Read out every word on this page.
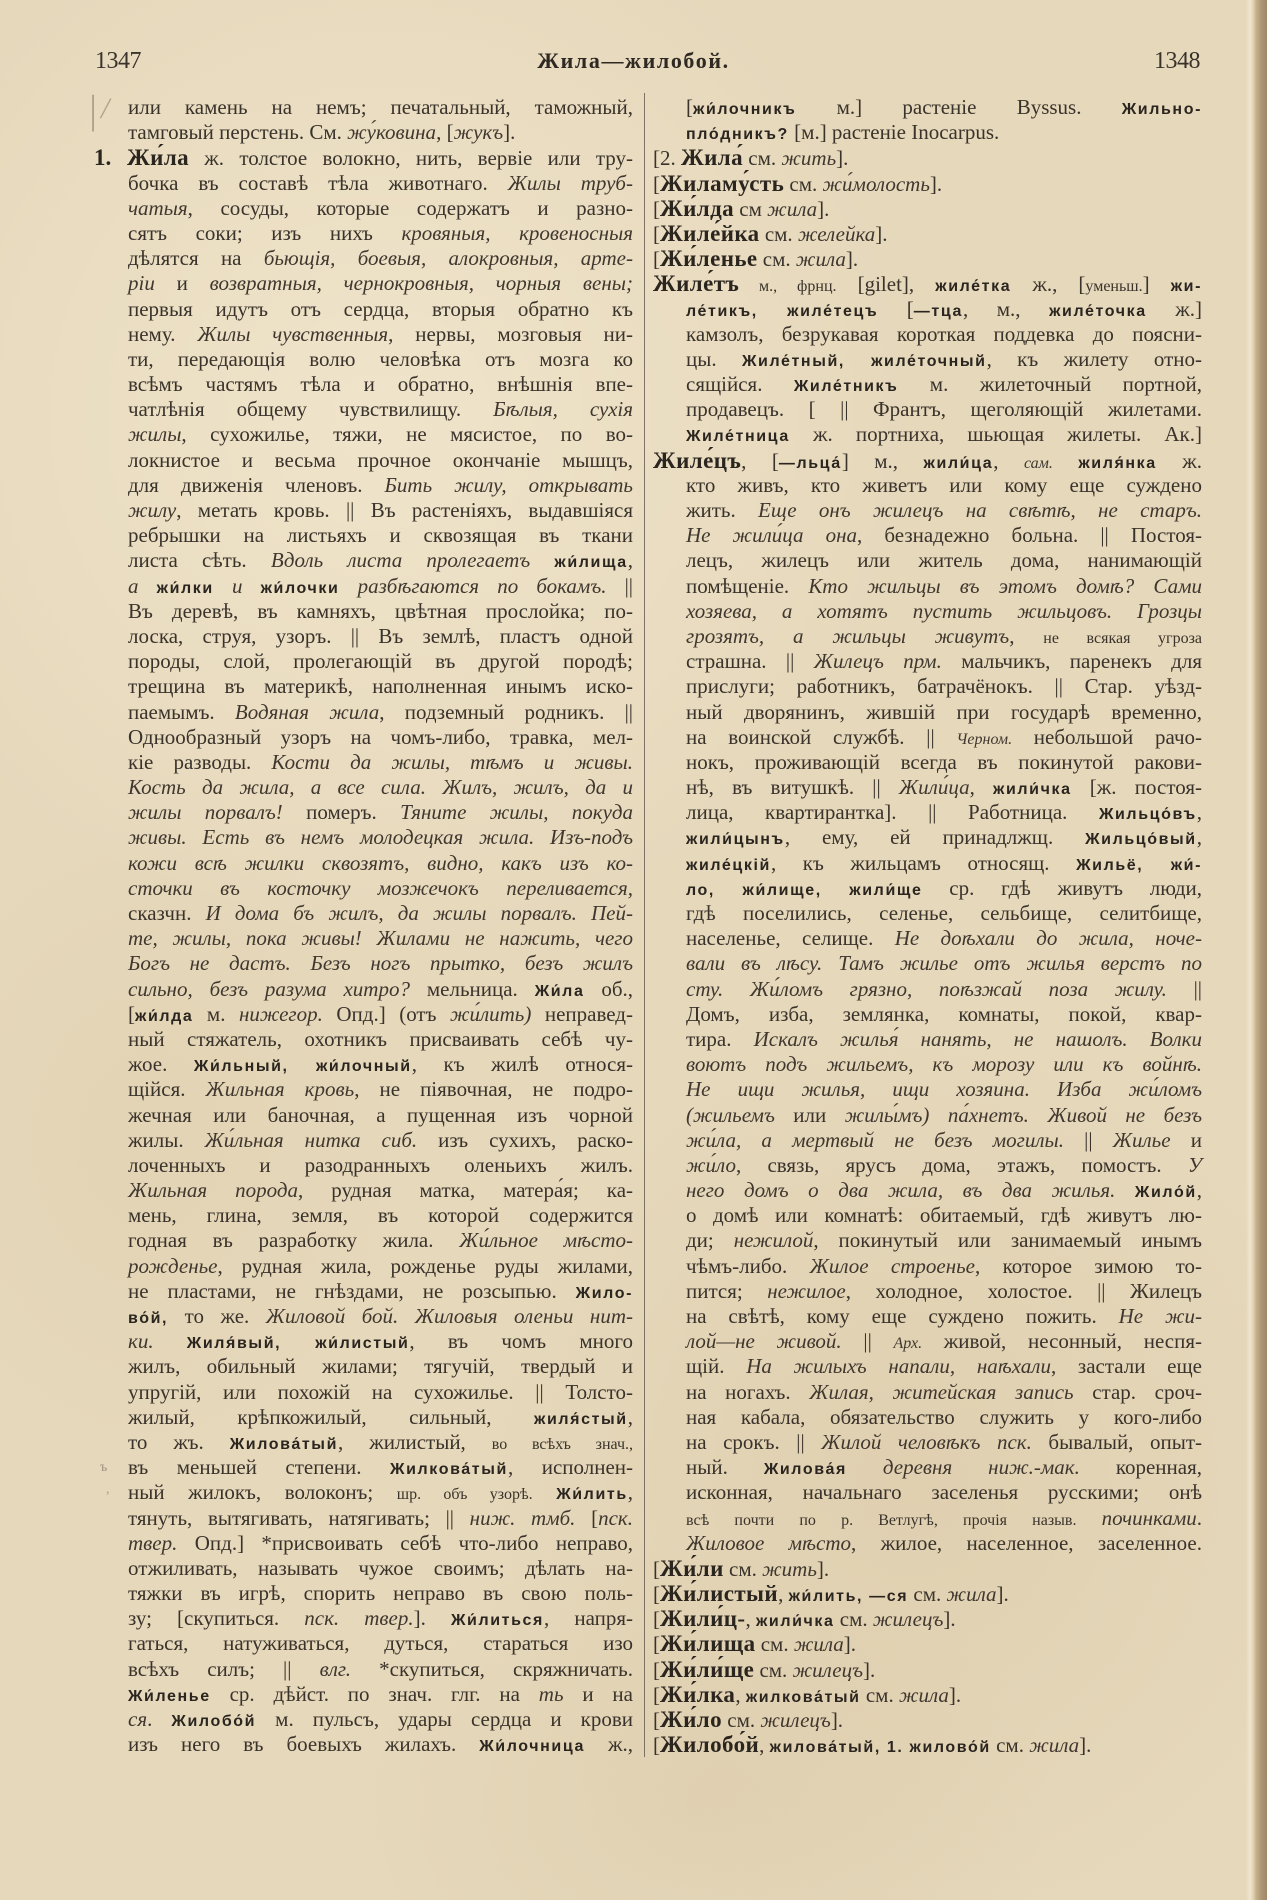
1347	Жила—жилобой.	1348
| /
ъ
,
или камень на немъ; печатальный, таможный,
тамговый перстень. См. жу́ковина, [жукъ].
1. Жи́ла ж. толстое волокно, нить, вервіе или тру-
бочка въ составѣ тѣла животнаго. Жилы труб-
чатыя, сосуды, которые содержатъ и разно-
сятъ соки; изъ нихъ кровяныя, кровеносныя
дѣлятся на бьющія, боевыя, алокровныя, арте-
ріи и возвратныя, чернокровныя, чорныя вены;
первыя идутъ отъ сердца, вторыя обратно къ
нему. Жилы чувственныя, нервы, мозговыя ни-
ти, передающія волю человѣка отъ мозга ко
всѣмъ частямъ тѣла и обратно, внѣшнія впе-
чатлѣнія общему чувствилищу. Бѣлыя, сухія
жилы, сухожилье, тяжи, не мясистое, по во-
локнистое и весьма прочное окончаніе мышцъ,
для движенія членовъ. Бить жилу, открывать
жилу, метать кровь. || Въ растеніяхъ, выдавшіяся
ребрышки на листьяхъ и сквозящая въ ткани
листа сѣть. Вдоль листа пролегаетъ жи́лища,
а жи́лки и жи́лочки разбѣгаются по бокамъ. ||
Въ деревѣ, въ камняхъ, цвѣтная прослойка; по-
лоска, струя, узоръ. || Въ землѣ, пластъ одной
породы, слой, пролегающій въ другой породѣ;
трещина въ материкѣ, наполненная инымъ иско-
паемымъ. Водяная жила, подземный родникъ. ||
Однообразный узоръ на чомъ-либо, травка, мел-
кіе разводы. Кости да жилы, тѣмъ и живы.
Кость да жила, а все сила. Жилъ, жилъ, да и
жилы порвалъ! померъ. Тяните жилы, покуда
живы. Есть въ немъ молодецкая жила. Изъ-подъ
кожи всѣ жилки сквозятъ, видно, какъ изъ ко-
сточки въ косточку мозжечокъ переливается,
сказчн. И дома бъ жилъ, да жилы порвалъ. Пей-
те, жилы, пока живы! Жилами не нажить, чего
Богъ не дастъ. Безъ ногъ прытко, безъ жилъ
сильно, безъ разума хитро? мельница. Жи́ла об.,
[жи́лда м. нижегор. Опд.] (отъ жи́лить) неправед-
ный стяжатель, охотникъ присваивать себѣ чу-
жое. Жи́льный, жи́лочный, къ жилѣ относя-
щійся. Жильная кровь, не піявочная, не подро-
жечная или баночная, а пущенная изъ чорной
жилы. Жи́льная нитка сиб. изъ сухихъ, раско-
лоченныхъ и разодранныхъ оленьихъ жилъ.
Жильная порода, рудная матка, матера́я; ка-
мень, глина, земля, въ которой содержится
годная въ разработку жила. Жи́льное мѣсто-
рожденье, рудная жила, рожденье руды жилами,
не пластами, не гнѣздами, не розсыпью. Жило-
во́й, то же. Жиловой бой. Жиловыя оленьи нит-
ки. Жиля́вый, жи́листый, въ чомъ много
жилъ, обильный жилами; тягучій, твердый и
упругій, или похожій на сухожилье. || Толсто-
жилый, крѣпкожилый, сильный, жиля́стый,
то жъ. Жилова́тый, жилистый, во всѣхъ знач.,
въ меньшей степени. Жилкова́тый, исполнен-
ный жилокъ, волоконъ; шр. объ узорѣ. Жи́лить,
тянуть, вытягивать, натягивать; || ниж. тмб. [пск.
твер. Опд.] *присвоивать себѣ что-либо неправо,
отжиливать, называть чужое своимъ; дѣлать на-
тяжки въ игрѣ, спорить неправо въ свою поль-
зу; [скупиться. пск. твер.]. Жи́литься, напря-
гаться, натуживаться, дуться, стараться изо
всѣхъ силъ; || влг. *скупиться, скряжничать.
Жи́ленье ср. дѣйст. по знач. глг. на ть и на
ся. Жилобо́й м. пульсъ, удары сердца и крови
изъ него въ боевыхъ жилахъ. Жи́лочница ж.,
[жи́лочникъ м.] растеніе Byssus. Жильно-
пло́дникъ? [м.] растеніе Inocarpus.
[2. Жила́ см. жить].
[Жиламу́сть см. жи́молость].
[Жи́лда см жила].
[Жиле́йка см. желейка].
[Жи́ленье см. жила].
Жиле́тъ м., фрнц. [gilet], жиле́тка ж., [уменьш.] жи-
ле́тикъ, жиле́тецъ [—тца, м., жиле́точка ж.]
камзолъ, безрукавая короткая поддевка до поясни-
цы. Жиле́тный, жиле́точный, къ жилету отно-
сящійся. Жиле́тникъ м. жилеточный портной,
продавецъ. [ || Франтъ, щеголяющій жилетами.
Жиле́тница ж. портниха, шьющая жилеты. Ак.]
Жиле́цъ, [—льца́] м., жили́ца, сам. жиля́нка ж.
кто живъ, кто живетъ или кому еще суждено
жить. Еще онъ жилецъ на свѣтѣ, не старъ.
Не жили́ца она, безнадежно больна. || Постоя-
лецъ, жилецъ или житель дома, нанимающій
помѣщеніе. Кто жильцы въ этомъ домѣ? Сами
хозяева, а хотятъ пустить жильцовъ. Грозцы
грозятъ, а жильцы живутъ, не всякая угроза
страшна. || Жилецъ прм. мальчикъ, паренекъ для
прислуги; работникъ, батрачёнокъ. || Стар. уѣзд-
ный дворянинъ, жившій при государѣ временно,
на воинской службѣ. || Черном. небольшой рачо-
нокъ, проживающій всегда въ покинутой ракови-
нѣ, въ витушкѣ. || Жили́ца, жили́чка [ж. постоя-
лица, квартирантка]. || Работница. Жильцо́въ,
жили́цынъ, ему, ей принадлжщ. Жильцо́вый,
жиле́цкій, къ жильцамъ относящ. Жильё, жи́-
ло, жи́лище, жили́ще ср. гдѣ живутъ люди,
гдѣ поселились, селенье, сельбище, селитбище,
населенье, селище. Не доѣхали до жила, ноче-
вали въ лѣсу. Тамъ жилье отъ жилья верстъ по
сту. Жи́ломъ грязно, поѣзжай поза жилу. ||
Домъ, изба, землянка, комнаты, покой, квар-
тира. Искалъ жилья́ нанять, не нашолъ. Волки
воютъ подъ жильемъ, къ морозу или къ войнѣ.
Не ищи жилья, ищи хозяина. Изба жи́ломъ
(жильемъ или жилы́мъ) па́хнетъ. Живой не безъ
жи́ла, а мертвый не безъ могилы. || Жилье и
жи́ло, связь, ярусъ дома, этажъ, помостъ. У
него домъ о два жила, въ два жилья. Жило́й,
о домѣ или комнатѣ: обитаемый, гдѣ живутъ лю-
ди; нежилой, покинутый или занимаемый инымъ
чѣмъ-либо. Жилое строенье, которое зимою то-
пится; нежилое, холодное, холостое. || Жилецъ
на свѣтѣ, кому еще суждено пожить. Не жи-
лой—не живой. || Арх. живой, несонный, неспя-
щій. На жилыхъ напали, наѣхали, застали еще
на ногахъ. Жилая, житейская запись стар. сроч-
ная кабала, обязательство служить у кого-либо
на срокъ. || Жилой человѣкъ пск. бывалый, опыт-
ный. Жилова́я деревня ниж.-мак. коренная,
исконная, начальнаго заселенья русскими; онѣ
всѣ почти по р. Ветлугѣ, прочія назыв. починками.
Жиловое мѣсто, жилое, населенное, заселенное.
[Жи́ли см. жить].
[Жи́листый, жи́лить, —ся см. жила].
[Жили́ц-, жили́чка см. жилецъ].
[Жи́лища см. жила].
[Жи́ли́ще см. жилецъ].
[Жи́лка, жилкова́тый см. жила].
[Жи́ло см. жилецъ].
[Жилобо́й, жилова́тый, 1. жилово́й см. жила].
